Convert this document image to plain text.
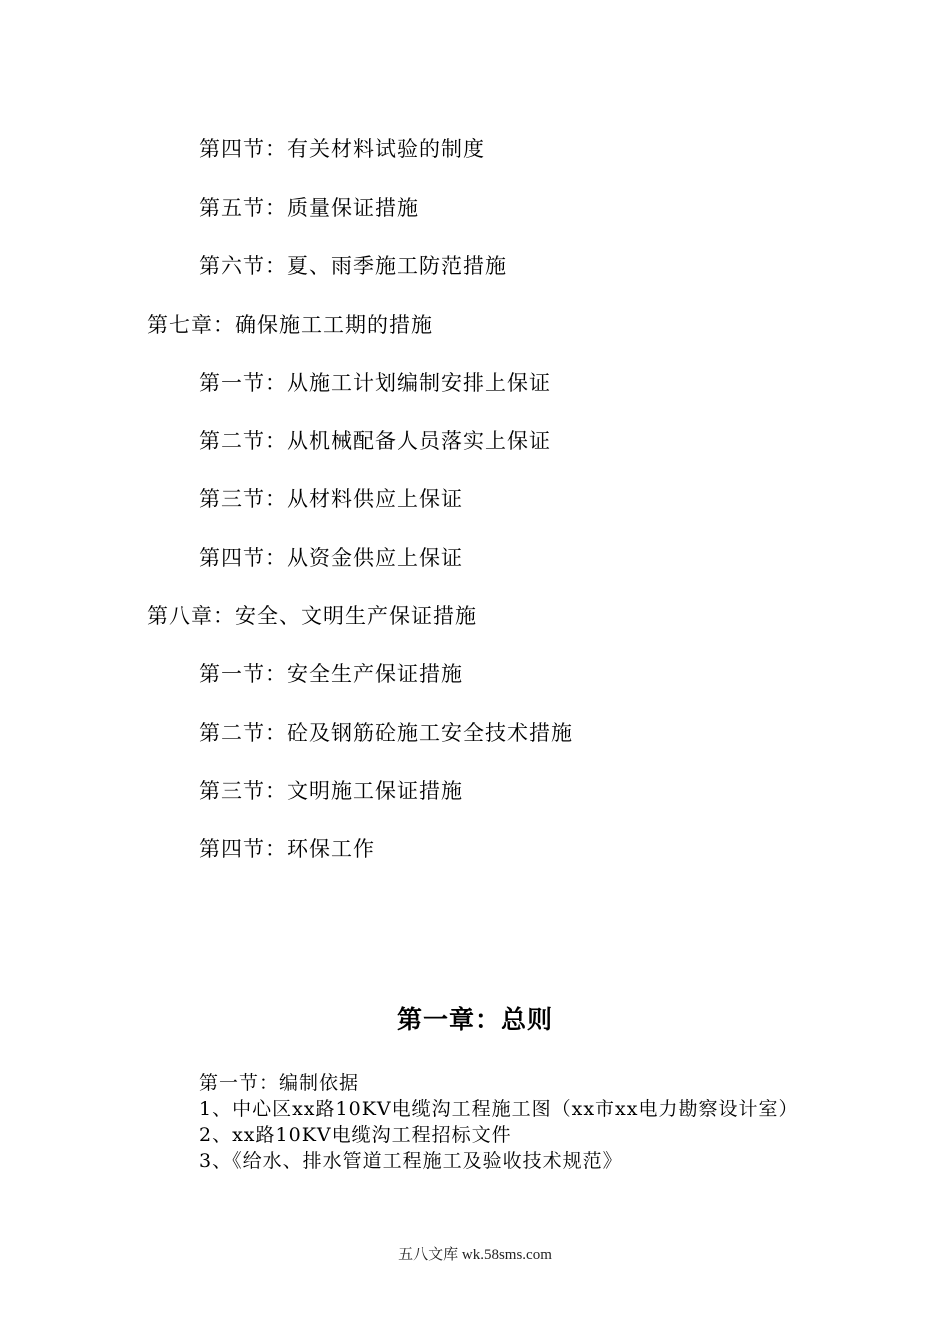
第四节：有关材料试验的制度
第五节：质量保证措施
第六节：夏、雨季施工防范措施
第七章：确保施工工期的措施
第一节：从施工计划编制安排上保证
第二节：从机械配备人员落实上保证
第三节：从材料供应上保证
第四节：从资金供应上保证
第八章：安全、文明生产保证措施
第一节：安全生产保证措施
第二节：砼及钢筋砼施工安全技术措施
第三节：文明施工保证措施
第四节：环保工作
第一章：总则
第一节：编制依据
1、中心区xx路10KV电缆沟工程施工图（xx市xx电力勘察设计室）
2、xx路10KV电缆沟工程招标文件
3、《给水、排水管道工程施工及验收技术规范》
五八文库 wk.58sms.com
